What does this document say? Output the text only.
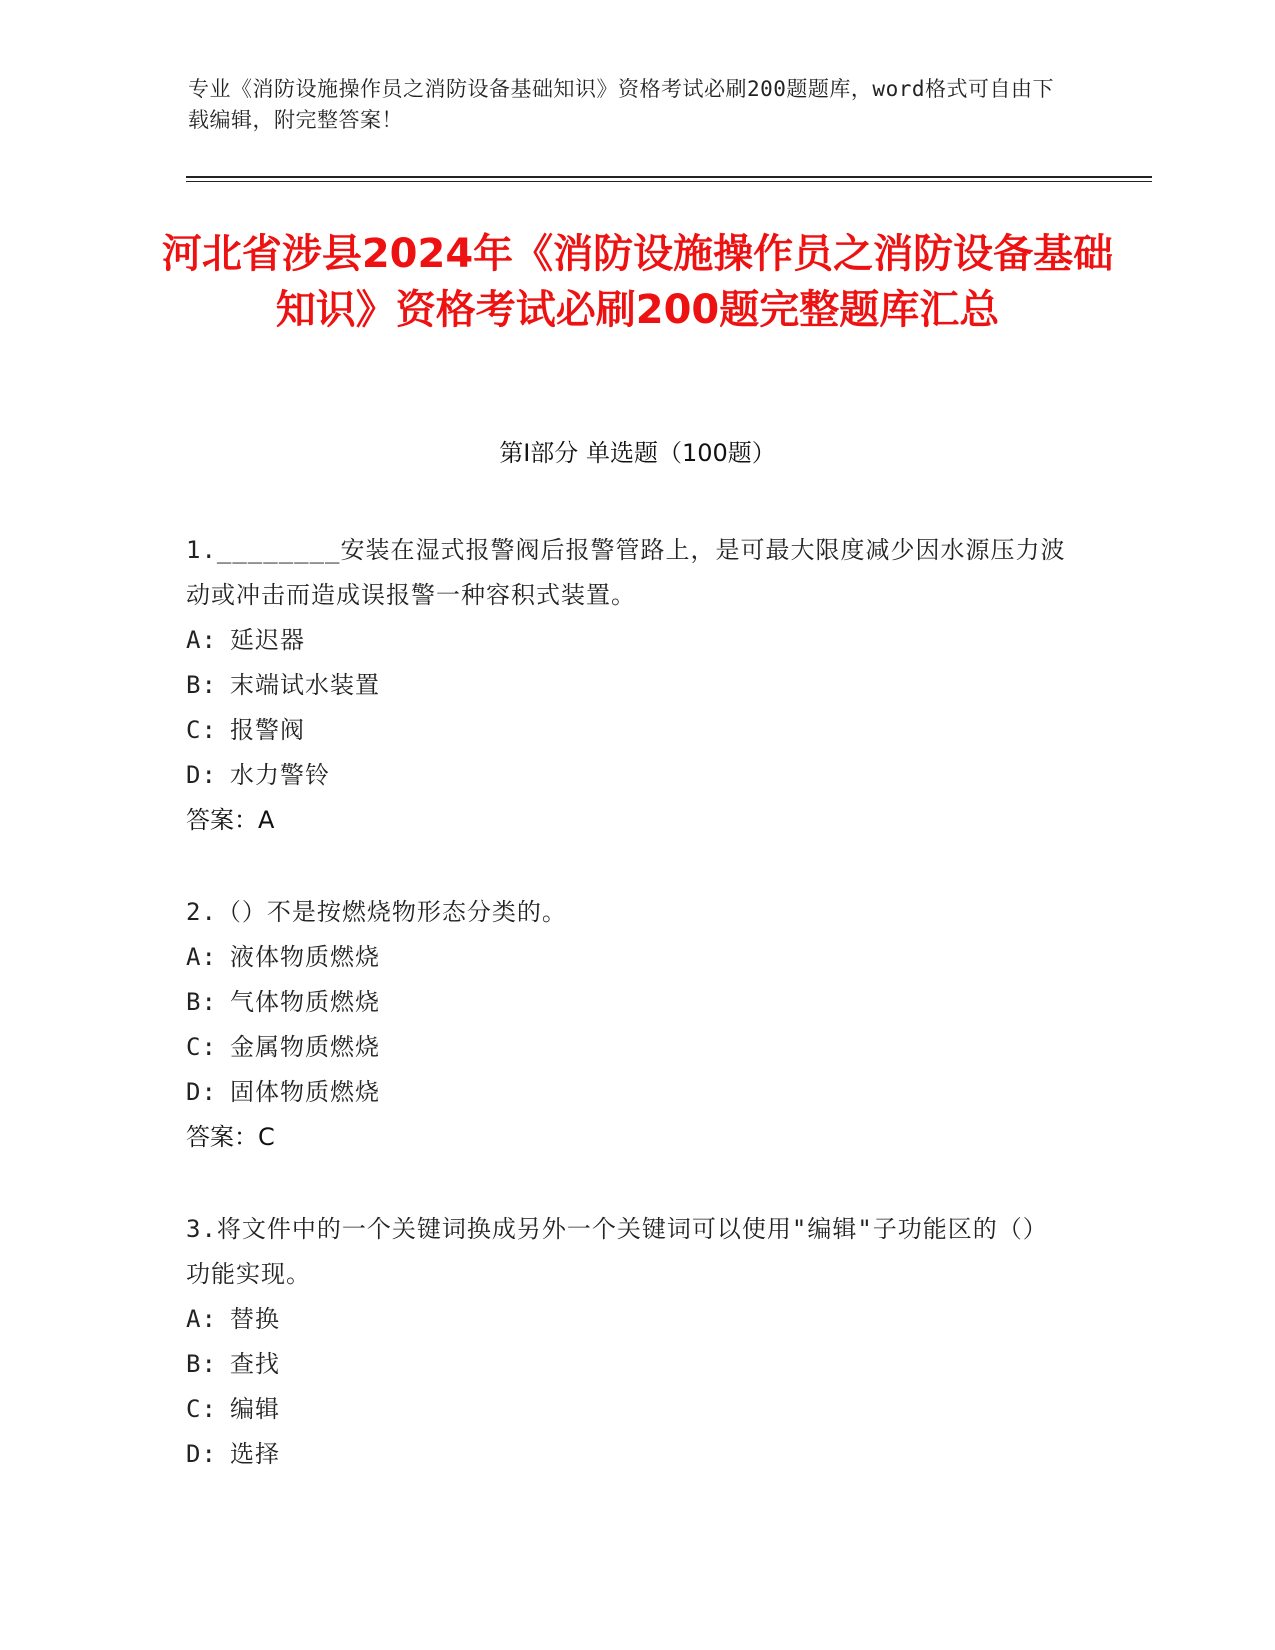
专业《消防设施操作员之消防设备基础知识》资格考试必刷200题题库，word格式可自由下载编辑，附完整答案！
河北省涉县2024年《消防设施操作员之消防设备基础知识》资格考试必刷200题完整题库汇总
第I部分 单选题（100题）
1.________安装在湿式报警阀后报警管路上，是可最大限度减少因水源压力波动或冲击而造成误报警一种容积式装置。
A: 延迟器
B: 末端试水装置
C: 报警阀
D: 水力警铃
答案：A
2.（）不是按燃烧物形态分类的。
A: 液体物质燃烧
B: 气体物质燃烧
C: 金属物质燃烧
D: 固体物质燃烧
答案：C
3.将文件中的一个关键词换成另外一个关键词可以使用"编辑"子功能区的（）功能实现。
A: 替换
B: 查找
C: 编辑
D: 选择
